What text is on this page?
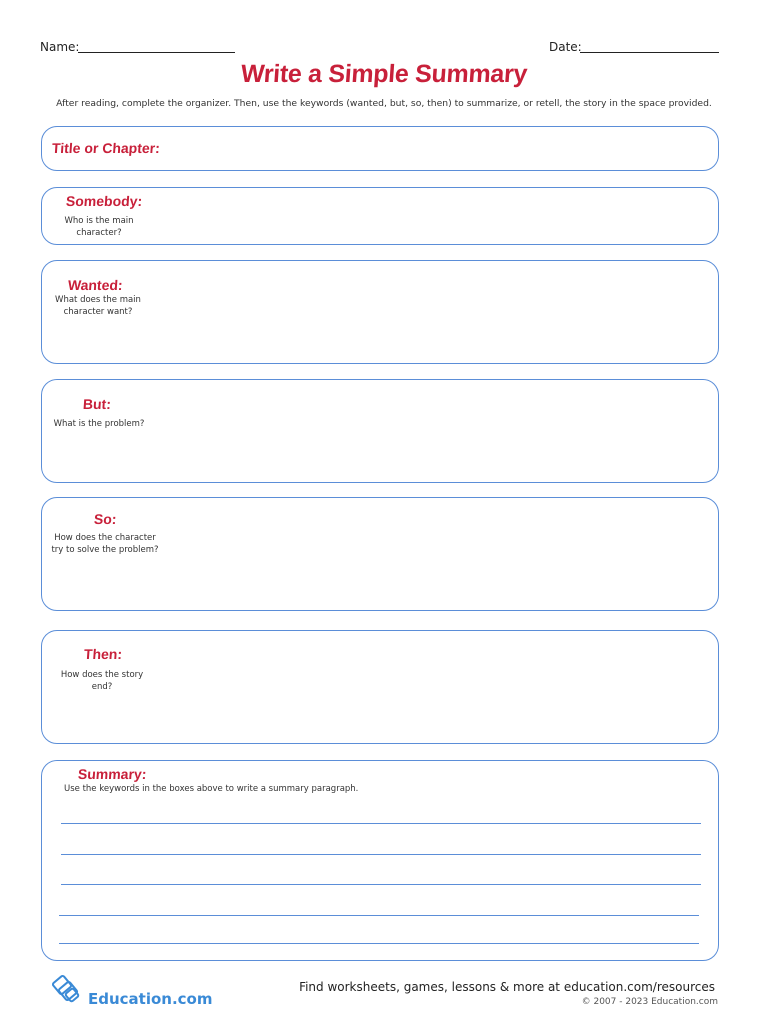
Name:	Date:
Write a Simple Summary
After reading, complete the organizer. Then, use the keywords (wanted, but, so, then) to summarize, or retell, the story in the space provided.
Title or Chapter:
Somebody:
Who is the main
character?
Wanted:
What does the main
character want?
But:
What is the problem?
So:
How does the character
try to solve the problem?
Then:
How does the story end?
Summary:
Use the keywords in the boxes above to write a summary paragraph.
Education.com
Find worksheets, games, lessons & more at education.com/resources
© 2007 - 2023 Education.com
